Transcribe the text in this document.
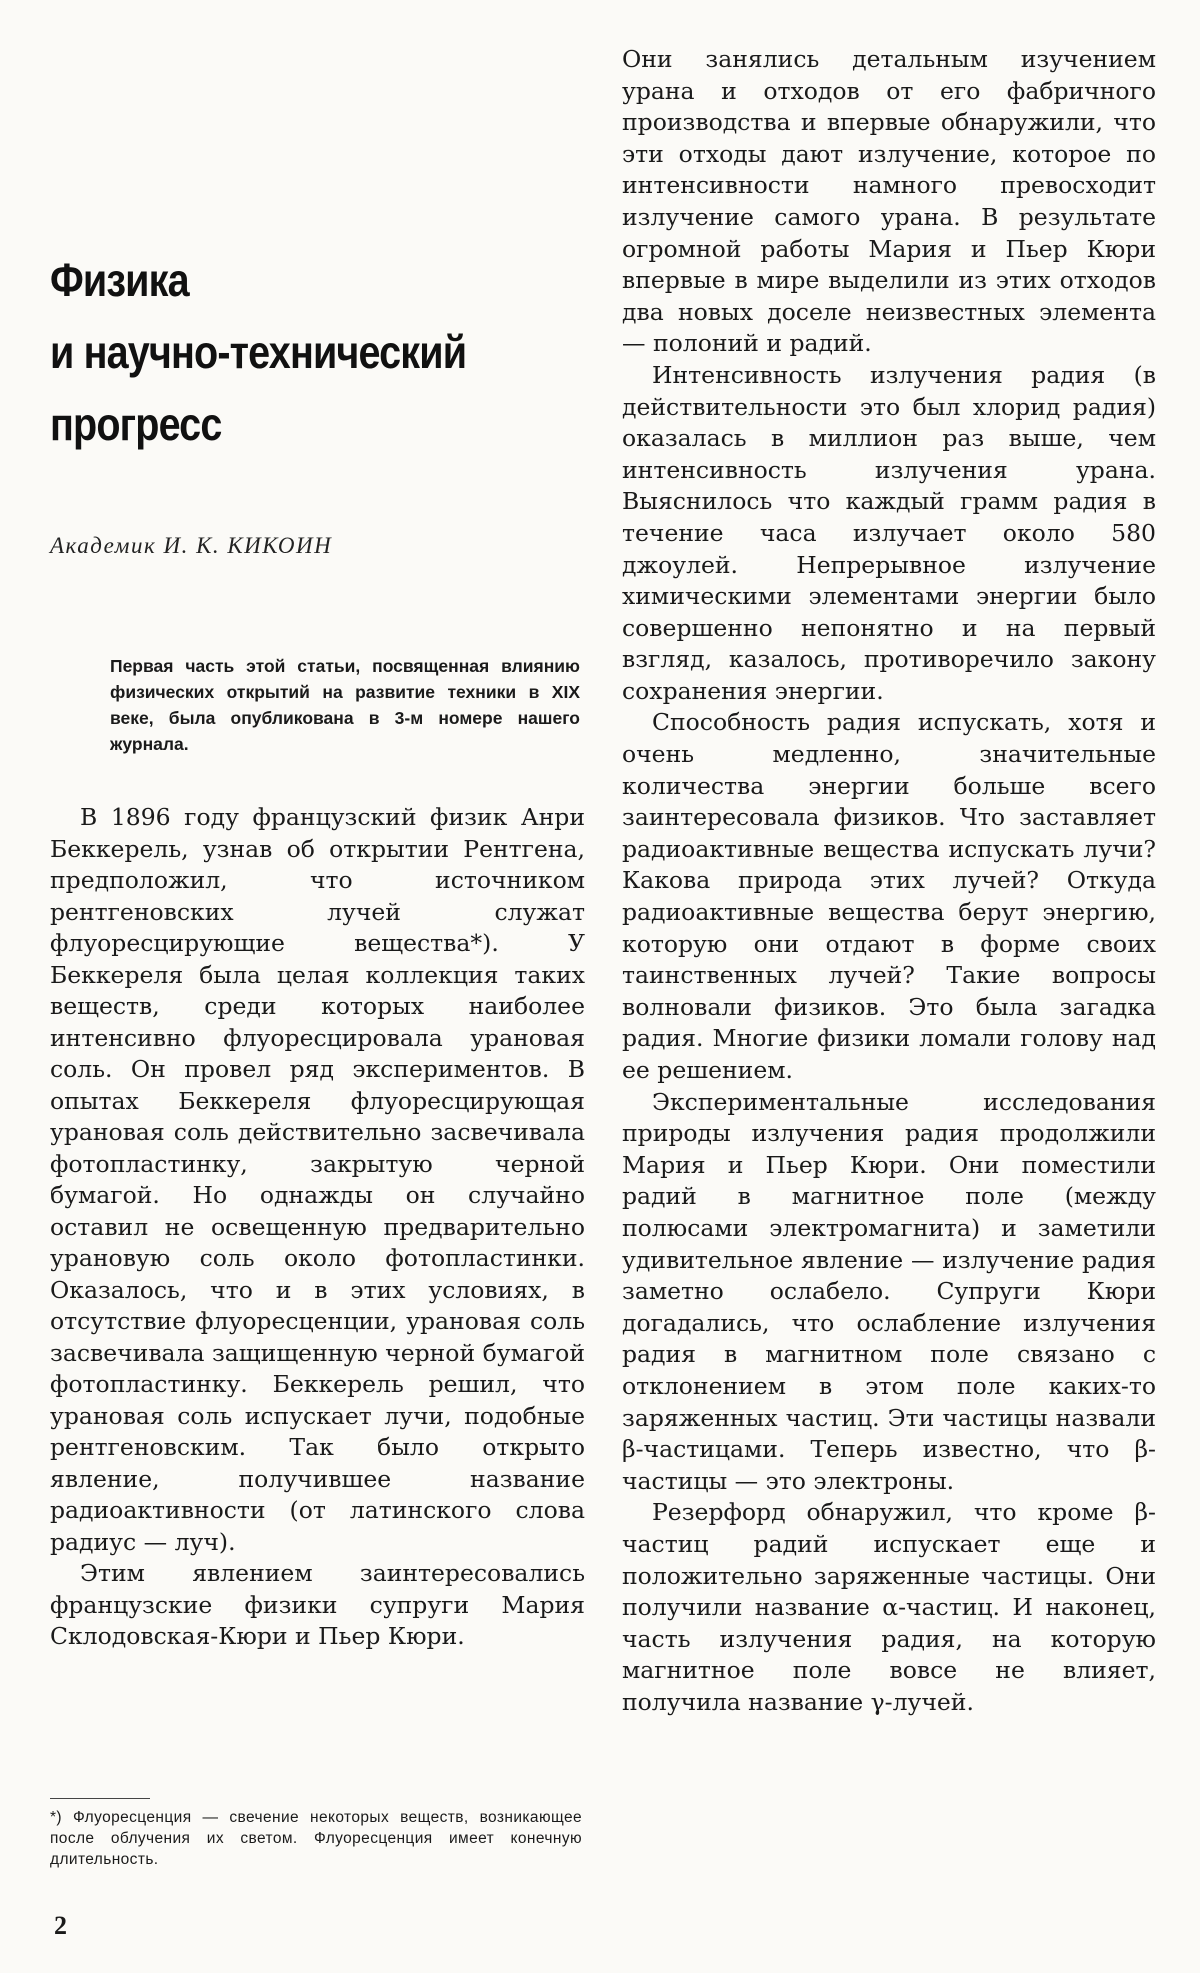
Физика
и научно-технический
прогресс
Академик И. К. КИКОИН
Первая часть этой статьи, посвященная влиянию физических открытий на развитие техники в XIX веке, была опубликована в 3-м номере нашего журнала.

В 1896 году французский физик Анри Беккерель, узнав об открытии Рентгена, предположил, что источником рентгеновских лучей служат флуоресцирующие вещества*). У Беккереля была целая коллекция таких веществ, среди которых наиболее интенсивно флуоресцировала урановая соль. Он провел ряд экспериментов. В опытах Беккереля флуоресцирующая урановая соль действительно засвечивала фотопластинку, закрытую черной бумагой. Но однажды он случайно оставил не освещенную предварительно урановую соль около фотопластинки. Оказалось, что и в этих условиях, в отсутствие флуоресценции, урановая соль засвечивала защищенную черной бумагой фотопластинку. Беккерель решил, что урановая соль испускает лучи, подобные рентгеновским. Так было открыто явление, получившее название радиоактивности (от латинского слова радиус — луч).

Этим явлением заинтересовались французские физики супруги Мария Склодовская-Кюри и Пьер Кюри.

*) Флуоресценция — свечение некоторых веществ, возникающее после облучения их светом. Флуоресценция имеет конечную длительность.

Они занялись детальным изучением урана и отходов от его фабричного производства и впервые обнаружили, что эти отходы дают излучение, которое по интенсивности намного превосходит излучение самого урана. В результате огромной работы Мария и Пьер Кюри впервые в мире выделили из этих отходов два новых доселе неизвестных элемента — полоний и радий.

Интенсивность излучения радия (в действительности это был хлорид радия) оказалась в миллион раз выше, чем интенсивность излучения урана. Выяснилось что каждый грамм радия в течение часа излучает около 580 джоулей. Непрерывное излучение химическими элементами энергии было совершенно непонятно и на первый взгляд, казалось, противоречило закону сохранения энергии.

Способность радия испускать, хотя и очень медленно, значительные количества энергии больше всего заинтересовала физиков. Что заставляет радиоактивные вещества испускать лучи? Какова природа этих лучей? Откуда радиоактивные вещества берут энергию, которую они отдают в форме своих таинственных лучей? Такие вопросы волновали физиков. Это была загадка радия. Многие физики ломали голову над ее решением.

Экспериментальные исследования природы излучения радия продолжили Мария и Пьер Кюри. Они поместили радий в магнитное поле (между полюсами электромагнита) и заметили удивительное явление — излучение радия заметно ослабело. Супруги Кюри догадались, что ослабление излучения радия в магнитном поле связано с отклонением в этом поле каких-то заряженных частиц. Эти частицы назвали β-частицами. Теперь известно, что β-частицы — это электроны.

Резерфорд обнаружил, что кроме β-частиц радий испускает еще и положительно заряженные частицы. Они получили название α-частиц. И наконец, часть излучения радия, на которую магнитное поле вовсе не влияет, получила название γ-лучей.

2
